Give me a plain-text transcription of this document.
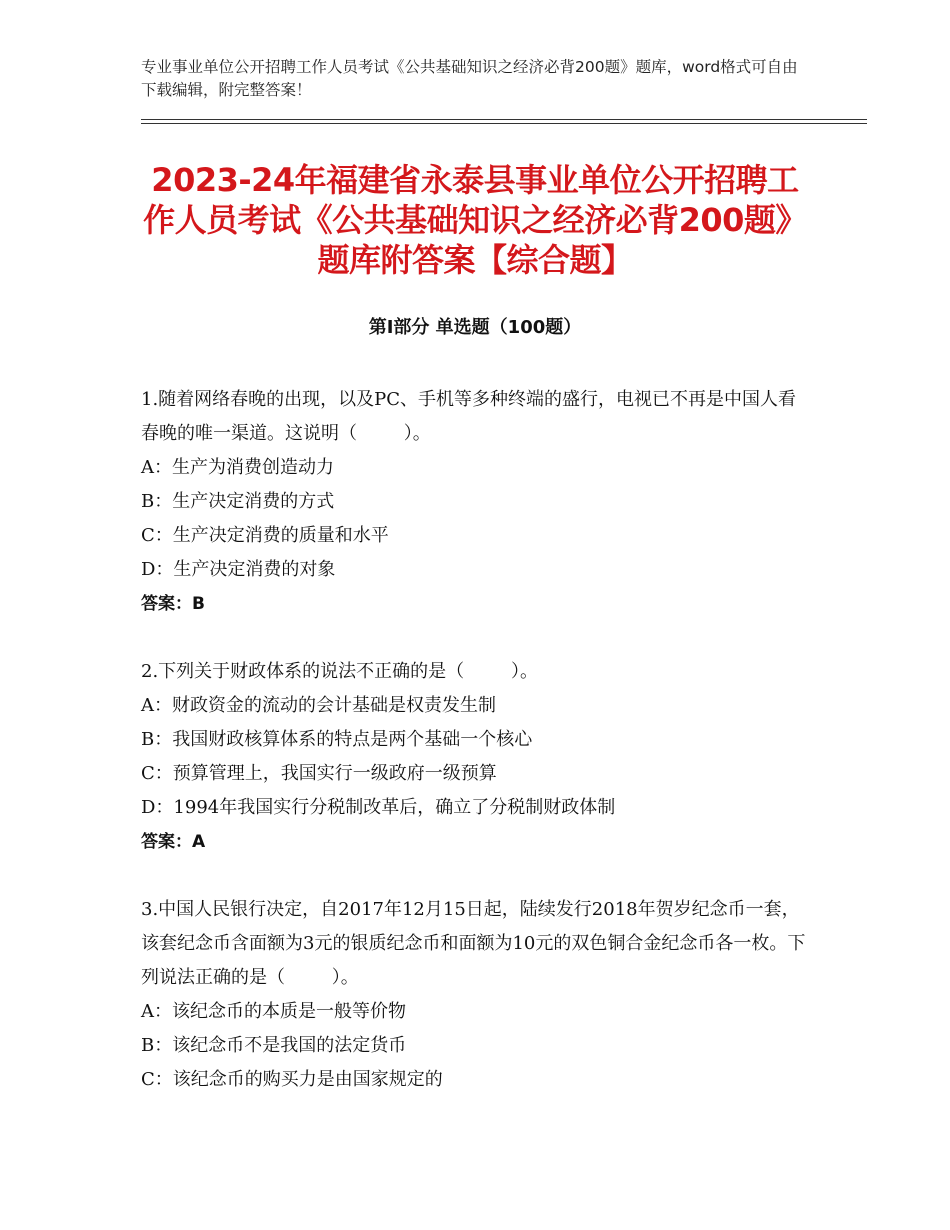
专业事业单位公开招聘工作人员考试《公共基础知识之经济必背200题》题库，word格式可自由下载编辑，附完整答案！
2023-24年福建省永泰县事业单位公开招聘工作人员考试《公共基础知识之经济必背200题》题库附答案【综合题】
第Ⅰ部分 单选题（100题）

1.随着网络春晚的出现，以及PC、手机等多种终端的盛行，电视已不再是中国人看春晚的唯一渠道。这说明（	）。

A：生产为消费创造动力

B：生产决定消费的方式

C：生产决定消费的质量和水平

D：生产决定消费的对象

答案：B

2.下列关于财政体系的说法不正确的是（	）。

A：财政资金的流动的会计基础是权责发生制

B：我国财政核算体系的特点是两个基础一个核心

C：预算管理上，我国实行一级政府一级预算

D：1994年我国实行分税制改革后，确立了分税制财政体制

答案：A

3.中国人民银行决定，自2017年12月15日起，陆续发行2018年贺岁纪念币一套，该套纪念币含面额为3元的银质纪念币和面额为10元的双色铜合金纪念币各一枚。下列说法正确的是（	）。

A：该纪念币的本质是一般等价物

B：该纪念币不是我国的法定货币

C：该纪念币的购买力是由国家规定的
